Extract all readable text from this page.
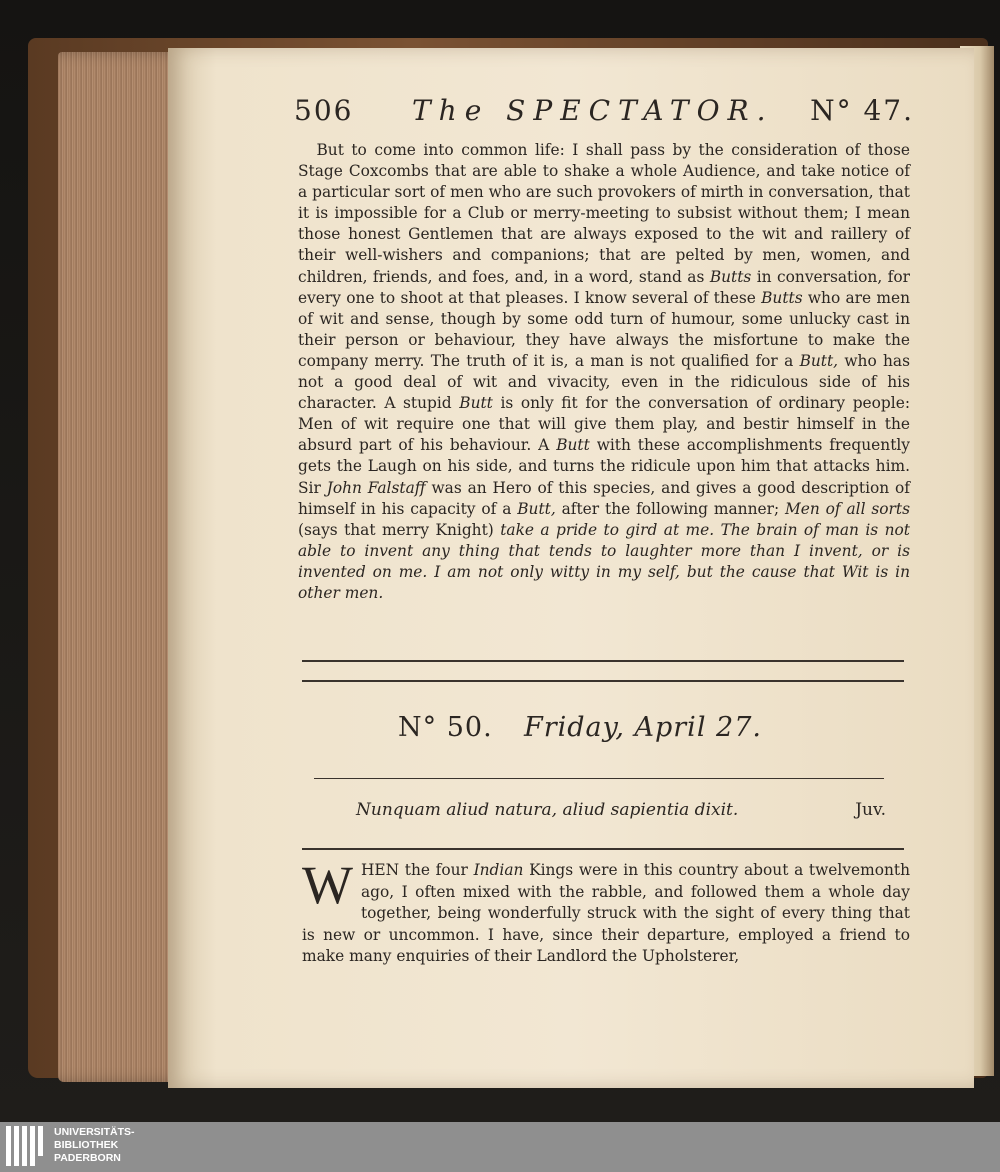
506 The SPECTATOR. N° 47.

But to come into common life: I shall pass by the consideration of those Stage Coxcombs that are able to shake a whole Audience, and take notice of a particular sort of men who are such provokers of mirth in conversation, that it is impossible for a Club or merry-meeting to subsist without them; I mean those honest Gentlemen that are always exposed to the wit and raillery of their well-wishers and companions; that are pelted by men, women, and children, friends, and foes, and, in a word, stand as Butts in conversation, for every one to shoot at that pleases. I know several of these Butts who are men of wit and sense, though by some odd turn of humour, some unlucky cast in their person or behaviour, they have always the misfortune to make the company merry. The truth of it is, a man is not qualified for a Butt, who has not a good deal of wit and vivacity, even in the ridiculous side of his character. A stupid Butt is only fit for the conversation of ordinary people: Men of wit require one that will give them play, and bestir himself in the absurd part of his behaviour. A Butt with these accomplishments frequently gets the Laugh on his side, and turns the ridicule upon him that attacks him. Sir John Falstaff was an Hero of this species, and gives a good description of himself in his capacity of a Butt, after the following manner; Men of all sorts (says that merry Knight) take a pride to gird at me. The brain of man is not able to invent any thing that tends to laughter more than I invent, or is invented on me. I am not only witty in my self, but the cause that Wit is in other men.

N° 50. Friday, April 27.
Nunquam aliud natura, aliud sapientia dixit.	Juv.
WHEN the four Indian Kings were in this country about a twelvemonth ago, I often mixed with the rabble, and followed them a whole day together, being wonderfully struck with the sight of every thing that is new or uncommon. I have, since their departure, employed a friend to make many enquiries of their Landlord the Upholsterer,
UNIVERSITÄTS-
BIBLIOTHEK
PADERBORN
